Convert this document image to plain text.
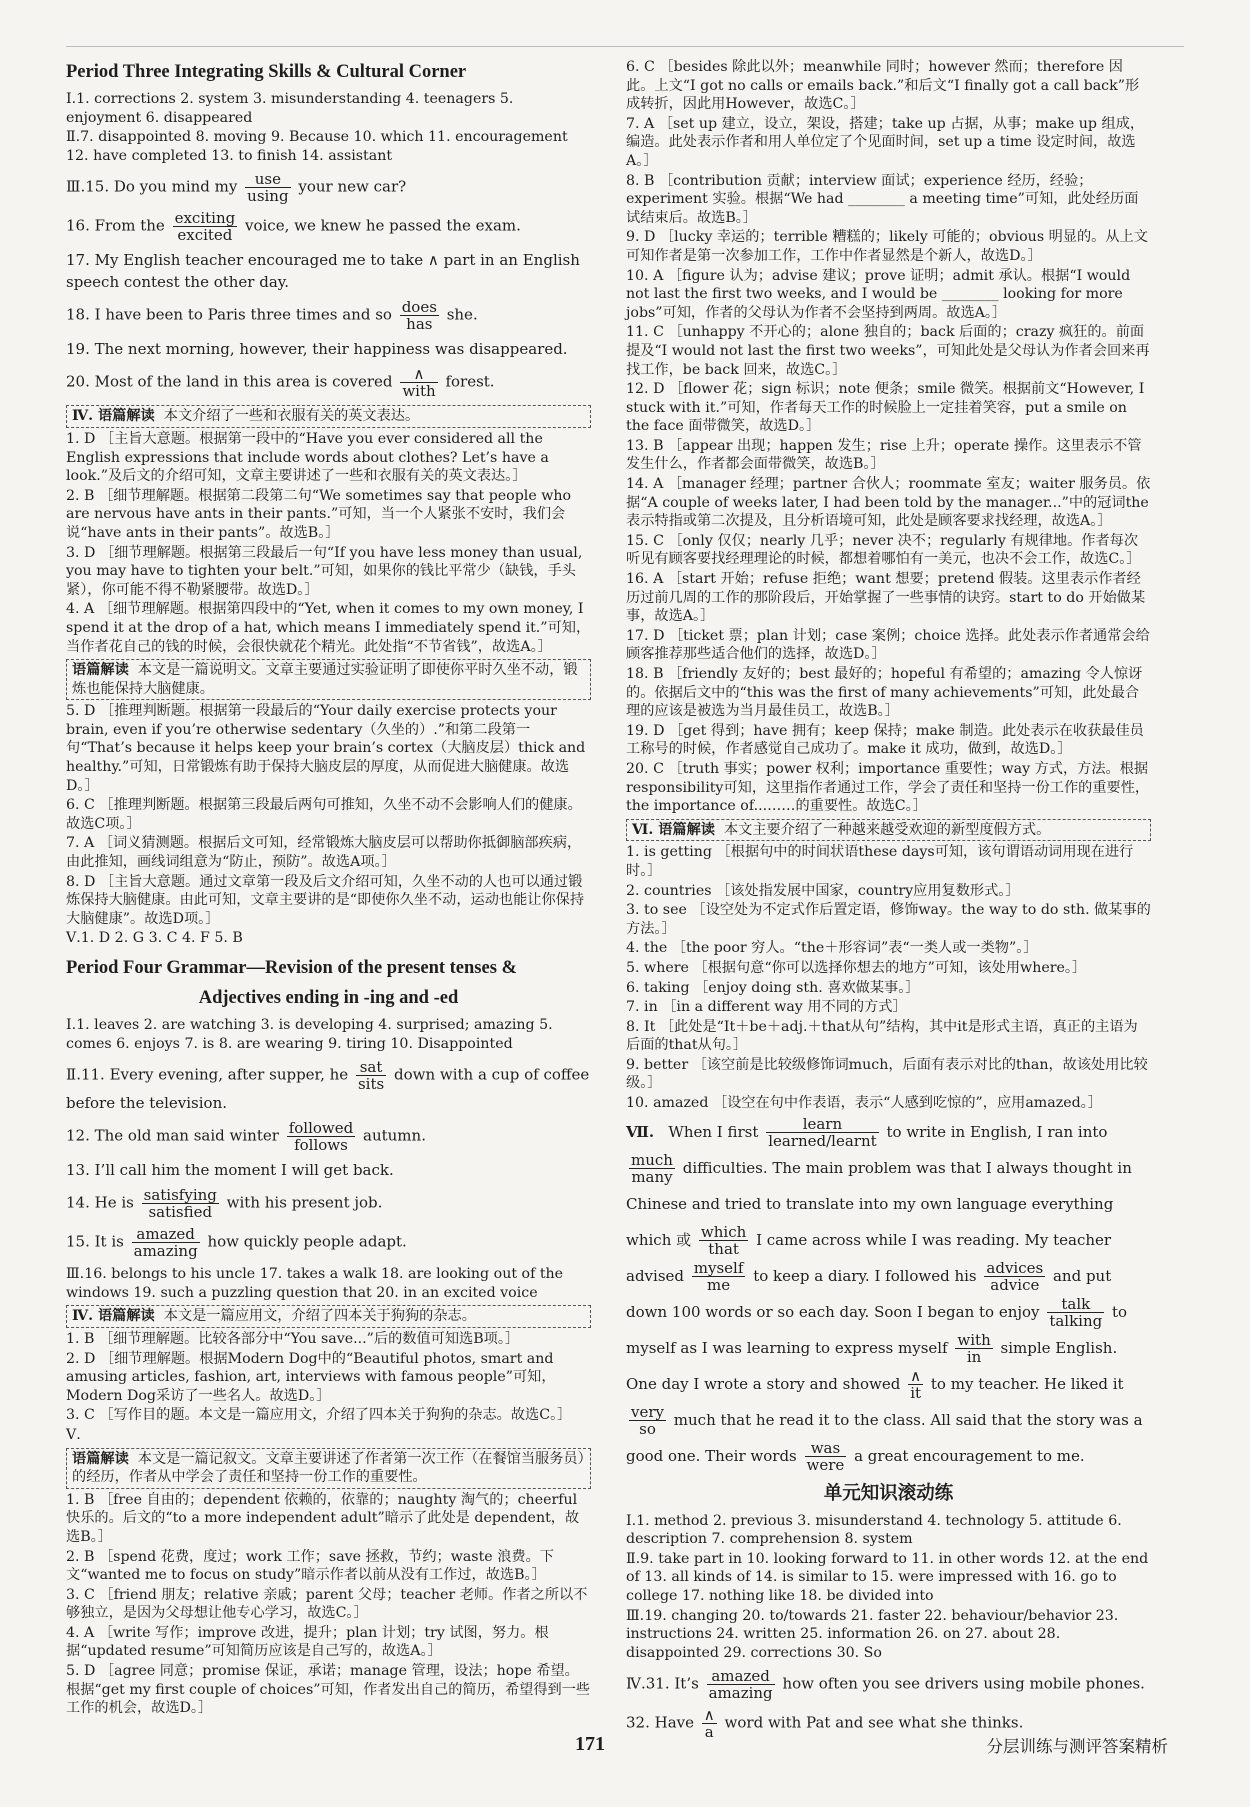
Period Three Integrating Skills & Cultural Corner

Ⅰ.1. corrections 2. system 3. misunderstanding 4. teenagers 5. enjoyment 6. disappeared

Ⅱ.7. disappointed 8. moving 9. Because 10. which 11. encouragement 12. have completed 13. to finish 14. assistant

Ⅲ.15. Do you mind my $\frac{\text{use}}{using}$ your new car?

16. From the $\frac{\text{exciting}}{\text{excited}}$ voice, we knew he passed the exam.

17. My English teacher encouraged me to take ∧ part in an English speech contest the other day.

18. I have been to Paris three times and so $\frac{\text{does}}{\text{has}}$ she.

19. The next morning, however, their happiness was disappeared.

20. Most of the land in this area is covered $\frac{\wedge}{\text{with}}$ forest.

Ⅳ. 语篇解读 本文介绍了一些和衣服有关的英文表达。

1. D ［主旨大意题。根据第一段中的“Have you ever considered all the English expressions that include words about clothes? Let’s have a look.”及后文的介绍可知，文章主要讲述了一些和衣服有关的英文表达。］

2. B ［细节理解题。根据第二段第二句“We sometimes say that people who are nervous have ants in their pants.”可知，当一个人紧张不安时，我们会说“have ants in their pants”。故选B。］

3. D ［细节理解题。根据第三段最后一句“If you have less money than usual, you may have to tighten your belt.”可知，如果你的钱比平常少（缺钱，手头紧），你可能不得不勒紧腰带。故选D。］

4. A ［细节理解题。根据第四段中的“Yet, when it comes to my own money, I spend it at the drop of a hat, which means I immediately spend it.”可知，当作者花自己的钱的时候，会很快就花个精光。此处指“不节省钱”，故选A。］

语篇解读 本文是一篇说明文。文章主要通过实验证明了即使你平时久坐不动，锻炼也能保持大脑健康。

5. D ［推理判断题。根据第一段最后的“Your daily exercise protects your brain, even if you’re otherwise sedentary（久坐的）.”和第二段第一句“That’s because it helps keep your brain’s cortex（大脑皮层）thick and healthy.”可知，日常锻炼有助于保持大脑皮层的厚度，从而促进大脑健康。故选D。］

6. C ［推理判断题。根据第三段最后两句可推知，久坐不动不会影响人们的健康。故选C项。］

7. A ［词义猜测题。根据后文可知，经常锻炼大脑皮层可以帮助你抵御脑部疾病，由此推知，画线词组意为“防止，预防”。故选A项。］

8. D ［主旨大意题。通过文章第一段及后文介绍可知，久坐不动的人也可以通过锻炼保持大脑健康。由此可知，文章主要讲的是“即使你久坐不动，运动也能让你保持大脑健康”。故选D项。］

Ⅴ.1. D 2. G 3. C 4. F 5. B

Period Four Grammar—Revision of the present tenses &
Adjectives ending in -ing and -ed

Ⅰ.1. leaves 2. are watching 3. is developing 4. surprised; amazing 5. comes 6. enjoys 7. is 8. are wearing 9. tiring 10. Disappointed

Ⅱ.11. Every evening, after supper, he $\frac{\text{sat}}{\text{sits}}$ down with a cup of coffee before the television.

12. The old man said winter $\frac{\text{followed}}{\text{follows}}$ autumn.

13. I’ll call him the moment I will get back.

14. He is $\frac{\text{satisfying}}{\text{satisfied}}$ with his present job.

15. It is $\frac{\text{amazed}}{\text{amazing}}$ how quickly people adapt.

Ⅲ.16. belongs to his uncle 17. takes a walk 18. are looking out of the windows 19. such a puzzling question that 20. in an excited voice

Ⅳ. 语篇解读 本文是一篇应用文，介绍了四本关于狗狗的杂志。

1. B ［细节理解题。比较各部分中“You save...”后的数值可知选B项。］

2. D ［细节理解题。根据Modern Dog中的“Beautiful photos, smart and amusing articles, fashion, art, interviews with famous people”可知，Modern Dog采访了一些名人。故选D。］

3. C ［写作目的题。本文是一篇应用文，介绍了四本关于狗狗的杂志。故选C。］

Ⅴ.

语篇解读 本文是一篇记叙文。文章主要讲述了作者第一次工作（在餐馆当服务员）的经历，作者从中学会了责任和坚持一份工作的重要性。

1. B ［free 自由的；dependent 依赖的，依靠的；naughty 淘气的；cheerful 快乐的。后文的“to a more independent adult”暗示了此处是 dependent，故选B。］

2. B ［spend 花费，度过；work 工作；save 拯救，节约；waste 浪费。下文“wanted me to focus on study”暗示作者以前从没有工作过，故选B。］

3. C ［friend 朋友；relative 亲戚；parent 父母；teacher 老师。作者之所以不够独立，是因为父母想让他专心学习，故选C。］

4. A ［write 写作；improve 改进，提升；plan 计划；try 试图，努力。根据“updated resume”可知简历应该是自己写的，故选A。］

5. D ［agree 同意；promise 保证，承诺；manage 管理，设法；hope 希望。根据“get my first couple of choices”可知，作者发出自己的简历，希望得到一些工作的机会，故选D。］

6. C ［besides 除此以外；meanwhile 同时；however 然而；therefore 因此。上文“I got no calls or emails back.”和后文“I finally got a call back”形成转折，因此用However，故选C。］

7. A ［set up 建立，设立，架设，搭建；take up 占据，从事；make up 组成，编造。此处表示作者和用人单位定了个见面时间，set up a time 设定时间，故选A。］

8. B ［contribution 贡献；interview 面试；experience 经历，经验；experiment 实验。根据“We had ________ a meeting time”可知，此处经历面试结束后。故选B。］

9. D ［lucky 幸运的；terrible 糟糕的；likely 可能的；obvious 明显的。从上文可知作者是第一次参加工作，工作中作者显然是个新人，故选D。］

10. A ［figure 认为；advise 建议；prove 证明；admit 承认。根据“I would not last the first two weeks, and I would be ________ looking for more jobs”可知，作者的父母认为作者不会坚持到两周。故选A。］

11. C ［unhappy 不开心的；alone 独自的；back 后面的；crazy 疯狂的。前面提及“I would not last the first two weeks”，可知此处是父母认为作者会回来再找工作，be back 回来，故选C。］

12. D ［flower 花；sign 标识；note 便条；smile 微笑。根据前文“However, I stuck with it.”可知，作者每天工作的时候脸上一定挂着笑容，put a smile on the face 面带微笑，故选D。］

13. B ［appear 出现；happen 发生；rise 上升；operate 操作。这里表示不管发生什么，作者都会面带微笑，故选B。］

14. A ［manager 经理；partner 合伙人；roommate 室友；waiter 服务员。依据“A couple of weeks later, I had been told by the manager...”中的冠词the表示特指或第二次提及，且分析语境可知，此处是顾客要求找经理，故选A。］

15. C ［only 仅仅；nearly 几乎；never 决不；regularly 有规律地。作者每次听见有顾客要找经理理论的时候，都想着哪怕有一美元，也决不会工作，故选C。］

16. A ［start 开始；refuse 拒绝；want 想要；pretend 假装。这里表示作者经历过前几周的工作的那阶段后，开始掌握了一些事情的诀窍。start to do 开始做某事，故选A。］

17. D ［ticket 票；plan 计划；case 案例；choice 选择。此处表示作者通常会给顾客推荐那些适合他们的选择，故选D。］

18. B ［friendly 友好的；best 最好的；hopeful 有希望的；amazing 令人惊讶的。依据后文中的“this was the first of many achievements”可知，此处最合理的应该是被选为当月最佳员工，故选B。］

19. D ［get 得到；have 拥有；keep 保持；make 制造。此处表示在收获最佳员工称号的时候，作者感觉自己成功了。make it 成功，做到，故选D。］

20. C ［truth 事实；power 权利；importance 重要性；way 方式，方法。根据responsibility可知，这里指作者通过工作，学会了责任和坚持一份工作的重要性，the importance of...……的重要性。故选C。］

Ⅵ. 语篇解读 本文主要介绍了一种越来越受欢迎的新型度假方式。

1. is getting ［根据句中的时间状语these days可知，该句谓语动词用现在进行时。］

2. countries ［该处指发展中国家，country应用复数形式。］

3. to see ［设空处为不定式作后置定语，修饰way。the way to do sth. 做某事的方法。］

4. the ［the poor 穷人。“the＋形容词”表“一类人或一类物”。］

5. where ［根据句意“你可以选择你想去的地方”可知，该处用where。］

6. taking ［enjoy doing sth. 喜欢做某事。］

7. in ［in a different way 用不同的方式］

8. It ［此处是“It＋be＋adj.＋that从句”结构，其中it是形式主语，真正的主语为后面的that从句。］

9. better ［该空前是比较级修饰词much，后面有表示对比的than，故该处用比较级。］

10. amazed ［设空在句中作表语，表示“人感到吃惊的”，应用amazed。］

Ⅶ. When I first $\frac{\text{learn}}{\text{learned/learnt}}$ to write in English, I ran into
$\frac{\text{much}}{\text{many}}$ difficulties. The main problem was that I always thought in Chinese and tried to translate into my own language everything which 或 $\frac{\text{which}}{\text{that}}$ I came across while I was reading. My teacher advised $\frac{\text{myself}}{me}$ to keep a diary. I followed his $\frac{\text{advices}}{\text{advice}}$ and put down 100 words or so each day. Soon I began to enjoy $\frac{\text{talk}}{\text{talking}}$ to myself as I was learning to express myself $\frac{\text{with}}{in}$ simple English. One day I wrote a story and showed $\frac{\wedge}{it}$ to my teacher. He liked it
$\frac{\text{very}}{so}$ much that he read it to the class. All said that the story was a good one. Their words $\frac{\text{was}}{\text{were}}$ a great encouragement to me.

单元知识滚动练

Ⅰ.1. method 2. previous 3. misunderstand 4. technology 5. attitude 6. description 7. comprehension 8. system

Ⅱ.9. take part in 10. looking forward to 11. in other words 12. at the end of 13. all kinds of 14. is similar to 15. were impressed with 16. go to college 17. nothing like 18. be divided into

Ⅲ.19. changing 20. to/towards 21. faster 22. behaviour/behavior 23. instructions 24. written 25. information 26. on 27. about 28. disappointed 29. corrections 30. So

Ⅳ.31. It’s $\frac{\text{amazed}}{\text{amazing}}$ how often you see drivers using mobile phones.

32. Have $\frac{\wedge}{a}$ word with Pat and see what she thinks.

171	分层训练与测评答案精析
